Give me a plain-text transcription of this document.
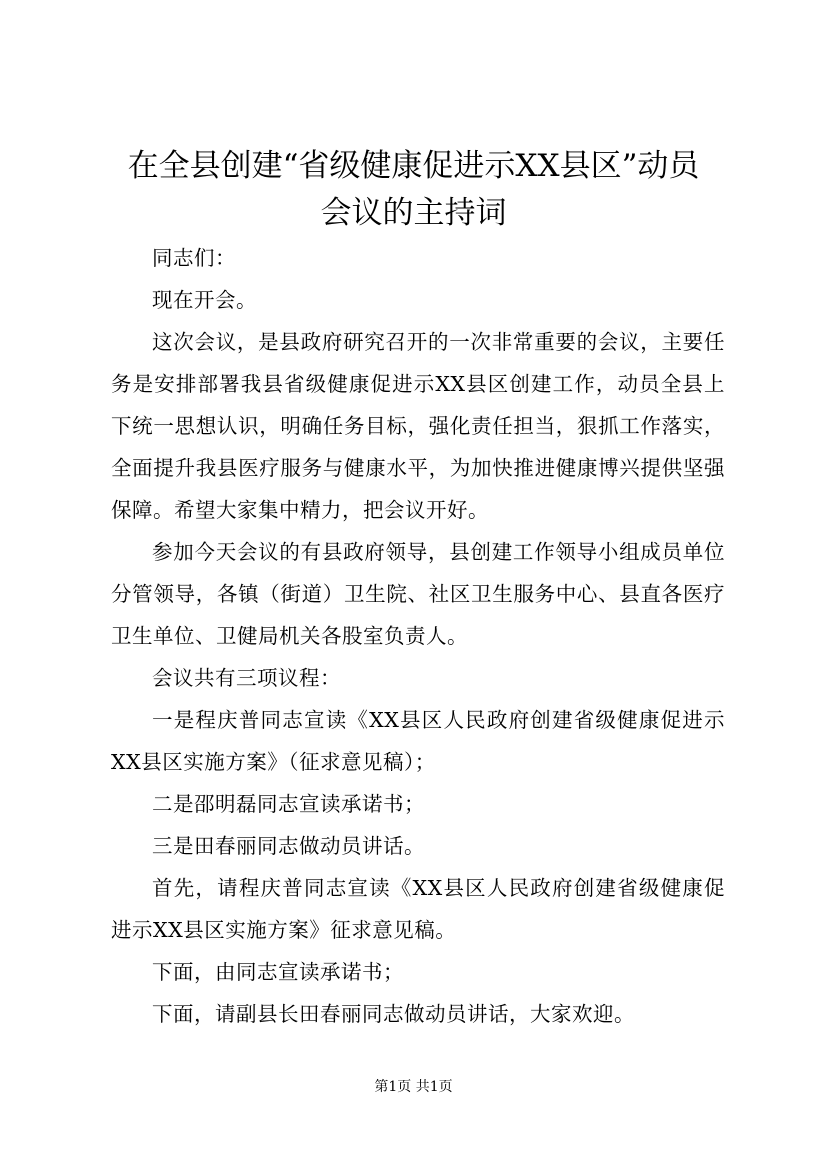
在全县创建“省级健康促进示XX县区”动员
会议的主持词

同志们：

现在开会。

这次会议，是县政府研究召开的一次非常重要的会议，主要任务是安排部署我县省级健康促进示XX县区创建工作，动员全县上下统一思想认识，明确任务目标，强化责任担当，狠抓工作落实，全面提升我县医疗服务与健康水平，为加快推进健康博兴提供坚强保障。希望大家集中精力，把会议开好。

参加今天会议的有县政府领导，县创建工作领导小组成员单位分管领导，各镇（街道）卫生院、社区卫生服务中心、县直各医疗卫生单位、卫健局机关各股室负责人。

会议共有三项议程：

一是程庆普同志宣读《XX县区人民政府创建省级健康促进示XX县区实施方案》（征求意见稿）；

二是邵明磊同志宣读承诺书；

三是田春丽同志做动员讲话。

首先，请程庆普同志宣读《XX县区人民政府创建省级健康促进示XX县区实施方案》征求意见稿。

下面，由同志宣读承诺书；

下面，请副县长田春丽同志做动员讲话，大家欢迎。

第1页 共1页
